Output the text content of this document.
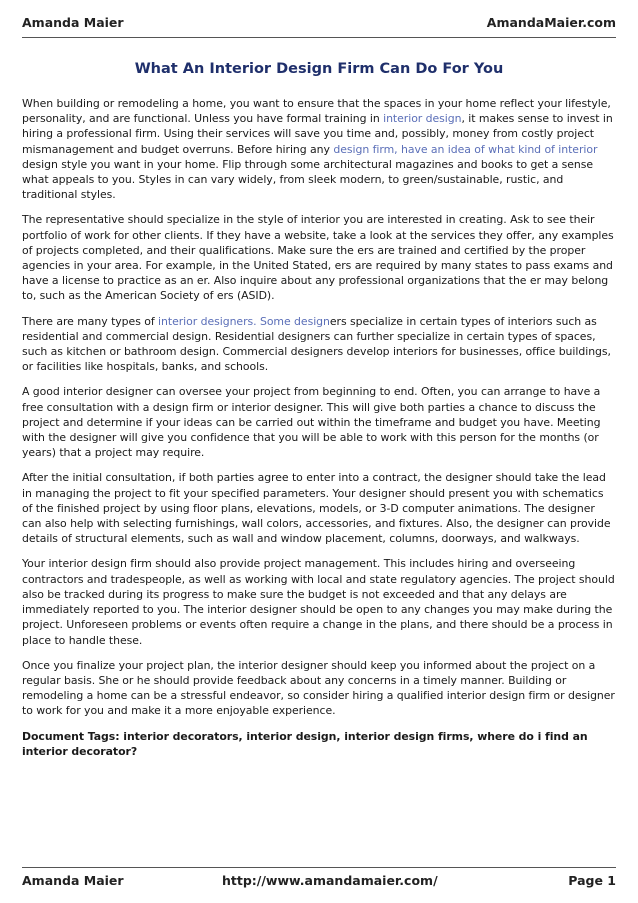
Amanda Maier	AmandaMaier.com
What An Interior Design Firm Can Do For You

When building or remodeling a home, you want to ensure that the spaces in your home reflect your lifestyle, personality, and are functional. Unless you have formal training in interior design, it makes sense to invest in hiring a professional firm. Using their services will save you time and, possibly, money from costly project mismanagement and budget overruns. Before hiring any design firm, have an idea of what kind of interior design style you want in your home. Flip through some architectural magazines and books to get a sense what appeals to you. Styles in can vary widely, from sleek modern, to green/sustainable, rustic, and traditional styles.

The representative should specialize in the style of interior you are interested in creating. Ask to see their portfolio of work for other clients. If they have a website, take a look at the services they offer, any examples of projects completed, and their qualifications. Make sure the ers are trained and certified by the proper agencies in your area. For example, in the United Stated, ers are required by many states to pass exams and have a license to practice as an er. Also inquire about any professional organizations that the er may belong to, such as the American Society of ers (ASID).

There are many types of interior designers. Some designers specialize in certain types of interiors such as residential and commercial design. Residential designers can further specialize in certain types of spaces, such as kitchen or bathroom design. Commercial designers develop interiors for businesses, office buildings, or facilities like hospitals, banks, and schools.

A good interior designer can oversee your project from beginning to end. Often, you can arrange to have a free consultation with a design firm or interior designer. This will give both parties a chance to discuss the project and determine if your ideas can be carried out within the timeframe and budget you have. Meeting with the designer will give you confidence that you will be able to work with this person for the months (or years) that a project may require.

After the initial consultation, if both parties agree to enter into a contract, the designer should take the lead in managing the project to fit your specified parameters. Your designer should present you with schematics of the finished project by using floor plans, elevations, models, or 3-D computer animations. The designer can also help with selecting furnishings, wall colors, accessories, and fixtures. Also, the designer can provide details of structural elements, such as wall and window placement, columns, doorways, and walkways.

Your interior design firm should also provide project management. This includes hiring and overseeing contractors and tradespeople, as well as working with local and state regulatory agencies. The project should also be tracked during its progress to make sure the budget is not exceeded and that any delays are immediately reported to you. The interior designer should be open to any changes you may make during the project. Unforeseen problems or events often require a change in the plans, and there should be a process in place to handle these.

Once you finalize your project plan, the interior designer should keep you informed about the project on a regular basis. She or he should provide feedback about any concerns in a timely manner. Building or remodeling a home can be a stressful endeavor, so consider hiring a qualified interior design firm or designer to work for you and make it a more enjoyable experience.

Document Tags: interior decorators, interior design, interior design firms, where do i find an interior decorator?

Amanda Maier	http://www.amandamaier.com/	Page 1
